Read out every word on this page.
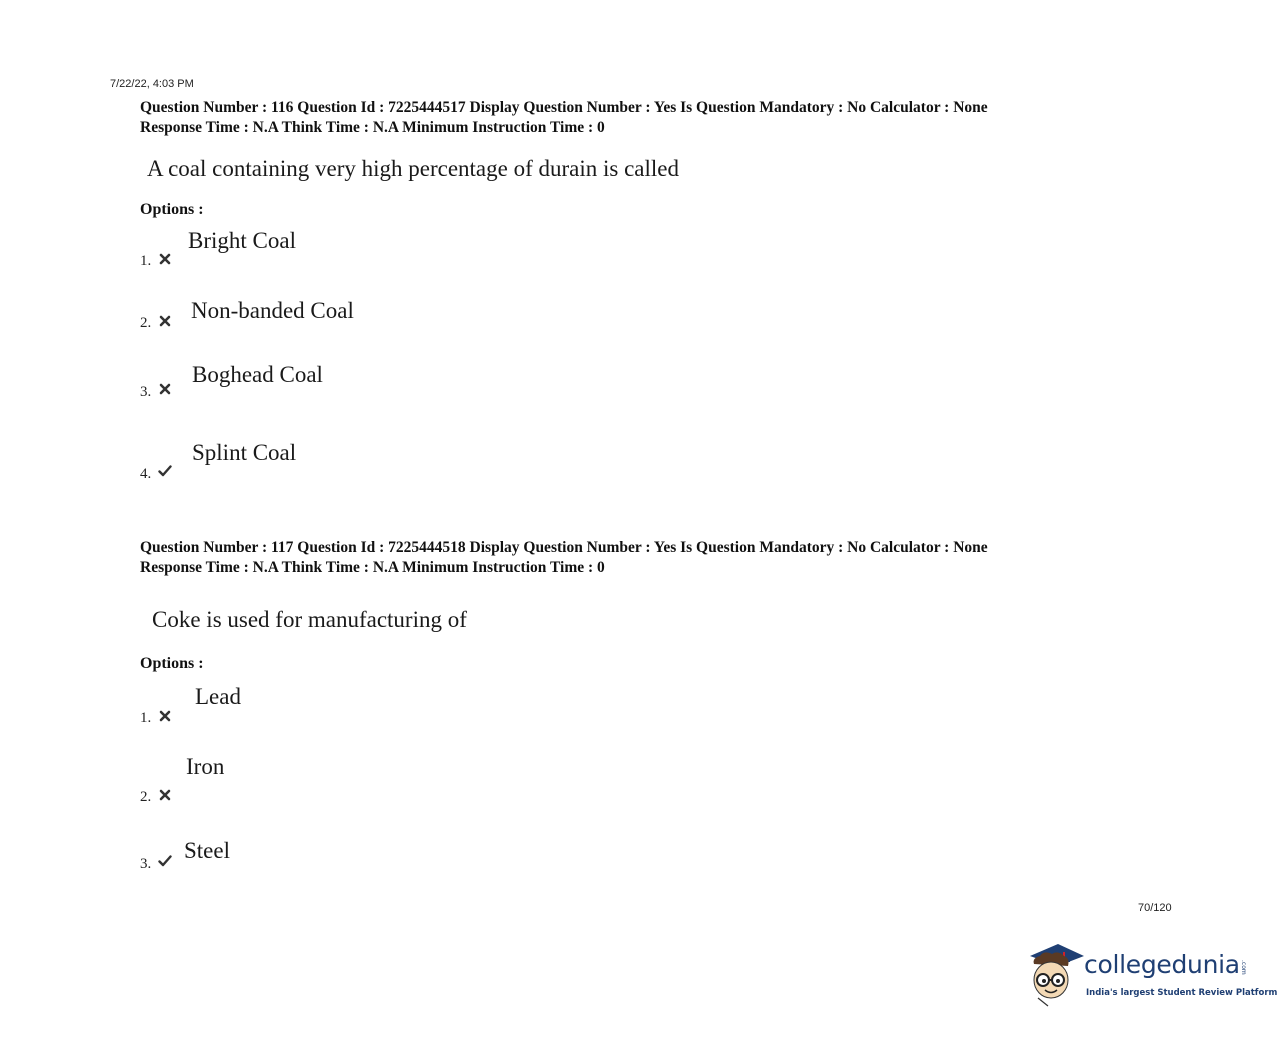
7/22/22, 4:03 PM
Question Number : 116 Question Id : 7225444517 Display Question Number : Yes Is Question Mandatory : No Calculator : None
Response Time : N.A Think Time : N.A Minimum Instruction Time : 0
A coal containing very high percentage of durain is called
Options :
1.
Bright Coal
2. Non-banded Coal
3.
Boghead Coal
4.
Splint Coal
Question Number : 117 Question Id : 7225444518 Display Question Number : Yes Is Question Mandatory : No Calculator : None
Response Time : N.A Think Time : N.A Minimum Instruction Time : 0
Coke is used for manufacturing of
Options :
1.
Lead
2.
Iron
3.
Steel
70/120
collegedunia .com
India's largest Student Review Platform
